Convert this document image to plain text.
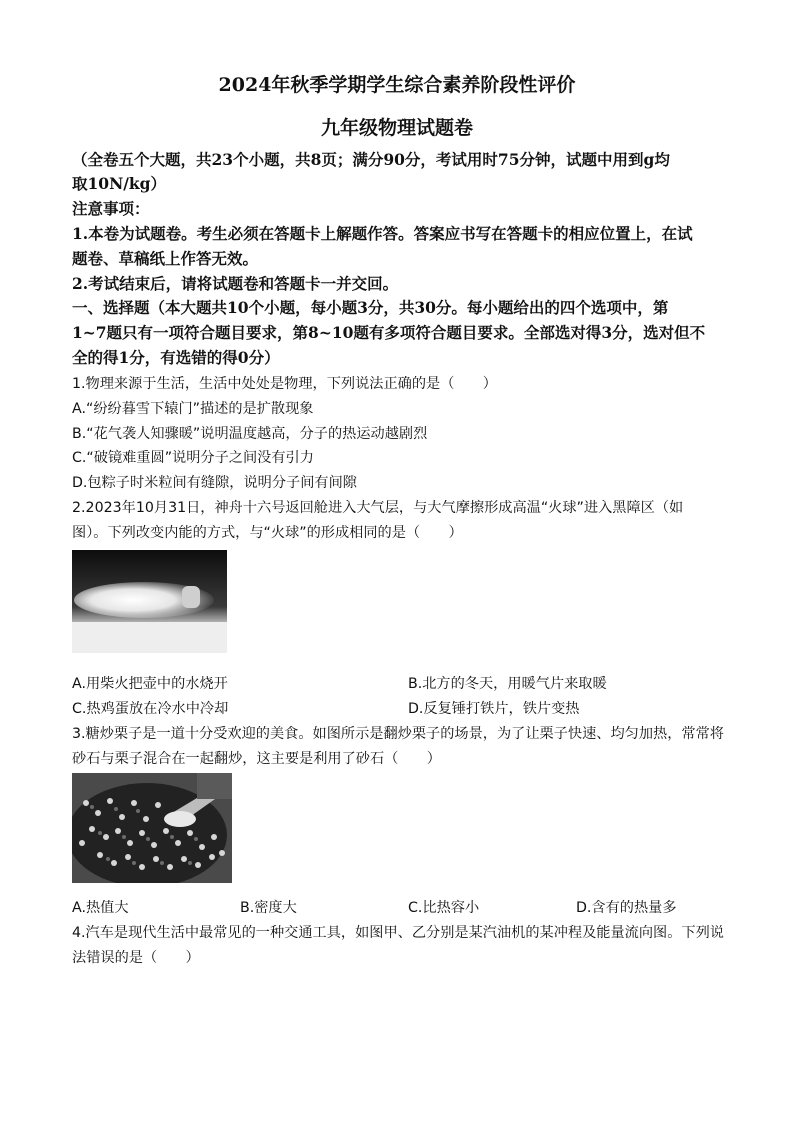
2024年秋季学期学生综合素养阶段性评价
九年级物理试题卷
（全卷五个大题，共23个小题，共8页；满分90分，考试用时75分钟，试题中用到g均
取10N/kg）
注意事项：
1.本卷为试题卷。考生必须在答题卡上解题作答。答案应书写在答题卡的相应位置上，在试
题卷、草稿纸上作答无效。
2.考试结束后，请将试题卷和答题卡一并交回。
一、选择题（本大题共10个小题，每小题3分，共30分。每小题给出的四个选项中，第
1~7题只有一项符合题目要求，第8~10题有多项符合题目要求。全部选对得3分，选对但不
全的得1分，有选错的得0分）
1.物理来源于生活，生活中处处是物理，下列说法正确的是（　　）
A.“纷纷暮雪下辕门”描述的是扩散现象
B.“花气袭人知骤暖”说明温度越高，分子的热运动越剧烈
C.“破镜难重圆”说明分子之间没有引力
D.包粽子时米粒间有缝隙，说明分子间有间隙
2.2023年10月31日，神舟十六号返回舱进入大气层，与大气摩擦形成高温“火球”进入黑障区（如
图）。下列改变内能的方式，与“火球”的形成相同的是（　　）
A.用柴火把壶中的水烧开	B.北方的冬天，用暖气片来取暖
C.热鸡蛋放在冷水中冷却	D.反复锤打铁片，铁片变热
3.糖炒栗子是一道十分受欢迎的美食。如图所示是翻炒栗子的场景，为了让栗子快速、均匀加热，常常将
砂石与栗子混合在一起翻炒，这主要是利用了砂石（　　）
A.热值大	B.密度大	C.比热容小	D.含有的热量多
4.汽车是现代生活中最常见的一种交通工具，如图甲、乙分别是某汽油机的某冲程及能量流向图。下列说
法错误的是（　　）
